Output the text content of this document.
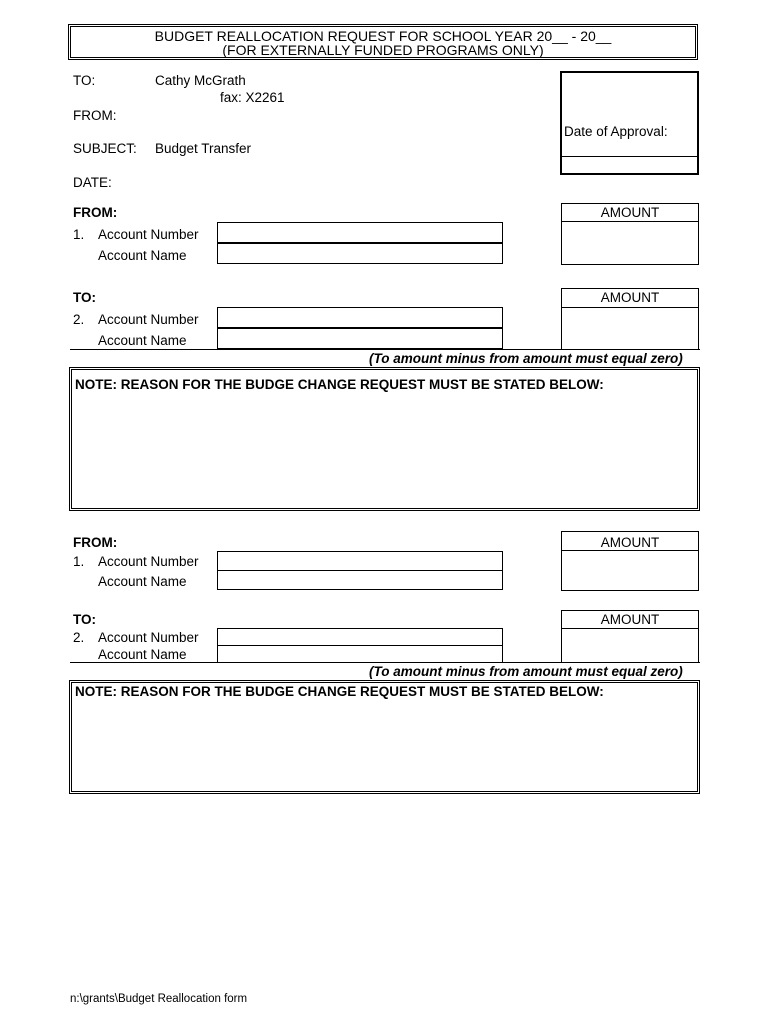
BUDGET REALLOCATION REQUEST FOR SCHOOL YEAR 20__ - 20__
(FOR EXTERNALLY FUNDED PROGRAMS ONLY)
TO:	Cathy McGrath
fax: X2261
FROM:
SUBJECT: Budget Transfer
DATE:
Date of Approval:
FROM:	AMOUNT
1. Account Number
Account Name
TO:	AMOUNT
2. Account Number
Account Name
(To amount minus from amount must equal zero)
NOTE: REASON FOR THE BUDGE CHANGE REQUEST MUST BE STATED BELOW:
FROM:	AMOUNT
1. Account Number
Account Name
TO:	AMOUNT
2. Account Number
Account Name
(To amount minus from amount must equal zero)
NOTE: REASON FOR THE BUDGE CHANGE REQUEST MUST BE STATED BELOW:
n:\grants\Budget Reallocation form
